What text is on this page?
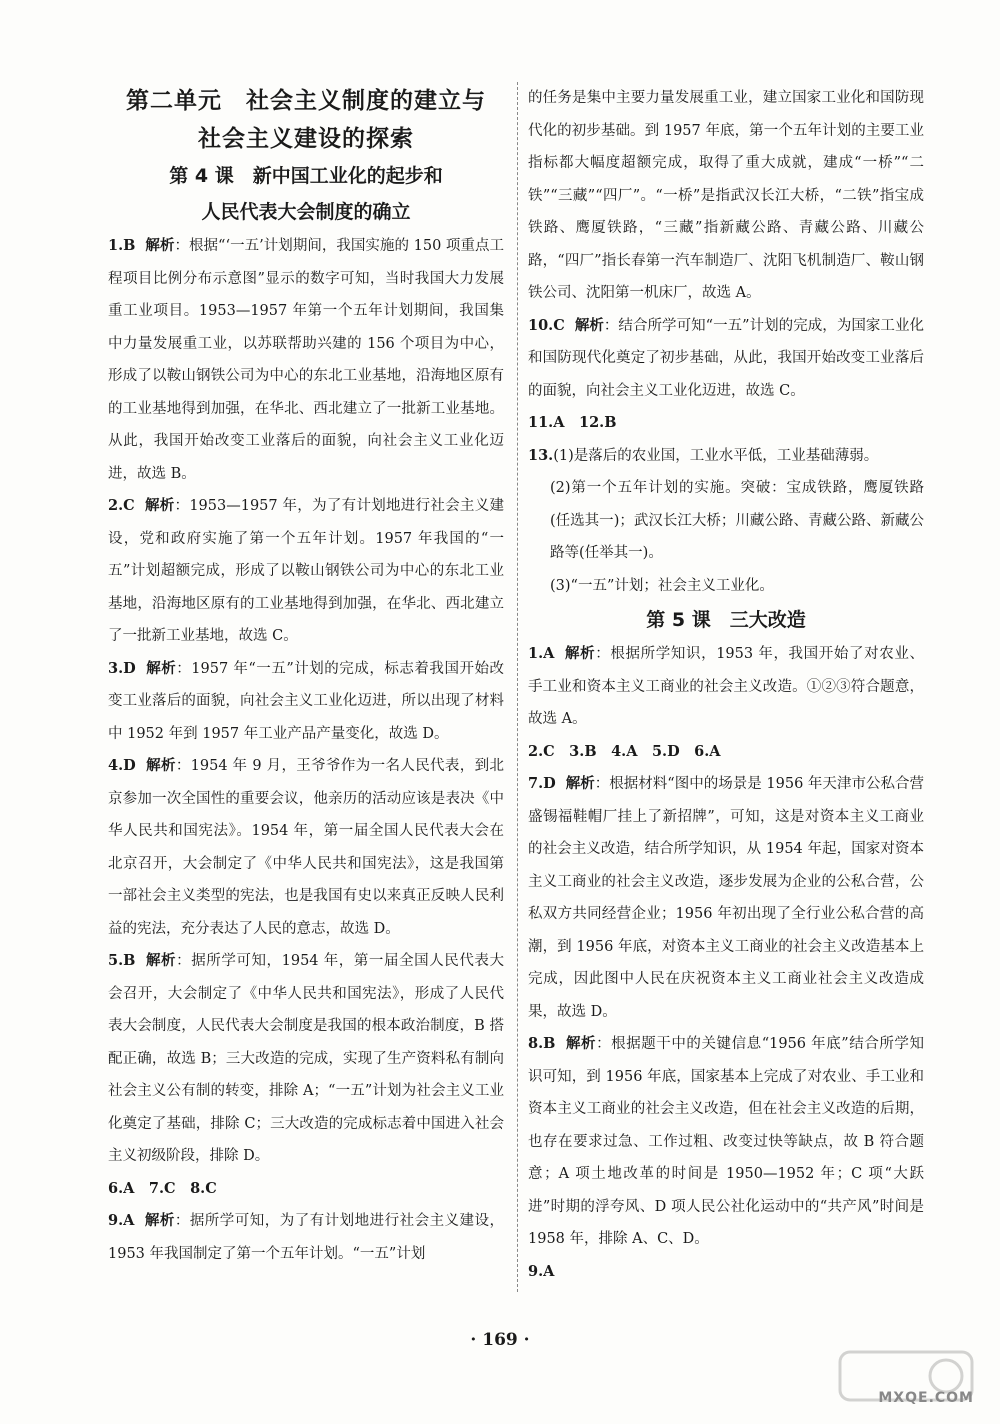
第二单元　社会主义制度的建立与
社会主义建设的探索
第 4 课　新中国工业化的起步和
人民代表大会制度的确立

1.B 解析：根据“‘一五’计划期间，我国实施的 150 项重点工程项目比例分布示意图”显示的数字可知，当时我国大力发展重工业项目。1953—1957 年第一个五年计划期间，我国集中力量发展重工业，以苏联帮助兴建的 156 个项目为中心，形成了以鞍山钢铁公司为中心的东北工业基地，沿海地区原有的工业基地得到加强，在华北、西北建立了一批新工业基地。从此，我国开始改变工业落后的面貌，向社会主义工业化迈进，故选 B。

2.C 解析：1953—1957 年，为了有计划地进行社会主义建设，党和政府实施了第一个五年计划。1957 年我国的“一五”计划超额完成，形成了以鞍山钢铁公司为中心的东北工业基地，沿海地区原有的工业基地得到加强，在华北、西北建立了一批新工业基地，故选 C。

3.D 解析：1957 年“一五”计划的完成，标志着我国开始改变工业落后的面貌，向社会主义工业化迈进，所以出现了材料中 1952 年到 1957 年工业产品产量变化，故选 D。

4.D 解析：1954 年 9 月，王爷爷作为一名人民代表，到北京参加一次全国性的重要会议，他亲历的活动应该是表决《中华人民共和国宪法》。1954 年，第一届全国人民代表大会在北京召开，大会制定了《中华人民共和国宪法》，这是我国第一部社会主义类型的宪法，也是我国有史以来真正反映人民利益的宪法，充分表达了人民的意志，故选 D。

5.B 解析：据所学可知，1954 年，第一届全国人民代表大会召开，大会制定了《中华人民共和国宪法》，形成了人民代表大会制度，人民代表大会制度是我国的根本政治制度，B 搭配正确，故选 B；三大改造的完成，实现了生产资料私有制向社会主义公有制的转变，排除 A；“一五”计划为社会主义工业化奠定了基础，排除 C；三大改造的完成标志着中国进入社会主义初级阶段，排除 D。

6.A　7.C　8.C

9.A 解析：据所学可知，为了有计划地进行社会主义建设，1953 年我国制定了第一个五年计划。“一五”计划

的任务是集中主要力量发展重工业，建立国家工业化和国防现代化的初步基础。到 1957 年底，第一个五年计划的主要工业指标都大幅度超额完成，取得了重大成就，建成“一桥”“二铁”“三藏”“四厂”。“一桥”是指武汉长江大桥，“二铁”指宝成铁路、鹰厦铁路，“三藏”指新藏公路、青藏公路、川藏公路，“四厂”指长春第一汽车制造厂、沈阳飞机制造厂、鞍山钢铁公司、沈阳第一机床厂，故选 A。

10.C 解析：结合所学可知“一五”计划的完成，为国家工业化和国防现代化奠定了初步基础，从此，我国开始改变工业落后的面貌，向社会主义工业化迈进，故选 C。

11.A　12.B

13.(1)是落后的农业国，工业水平低，工业基础薄弱。

(2)第一个五年计划的实施。突破：宝成铁路，鹰厦铁路(任选其一)；武汉长江大桥；川藏公路、青藏公路、新藏公路等(任举其一)。

(3)“一五”计划；社会主义工业化。

第 5 课　三大改造

1.A 解析：根据所学知识，1953 年，我国开始了对农业、手工业和资本主义工商业的社会主义改造。①②③符合题意，故选 A。

2.C　3.B　4.A　5.D　6.A

7.D 解析：根据材料“图中的场景是 1956 年天津市公私合营盛锡福鞋帽厂挂上了新招牌”，可知，这是对资本主义工商业的社会主义改造，结合所学知识，从 1954 年起，国家对资本主义工商业的社会主义改造，逐步发展为企业的公私合营，公私双方共同经营企业；1956 年初出现了全行业公私合营的高潮，到 1956 年底，对资本主义工商业的社会主义改造基本上完成，因此图中人民在庆祝资本主义工商业社会主义改造成果，故选 D。

8.B 解析：根据题干中的关键信息“1956 年底”结合所学知识可知，到 1956 年底，国家基本上完成了对农业、手工业和资本主义工商业的社会主义改造，但在社会主义改造的后期，也存在要求过急、工作过粗、改变过快等缺点，故 B 符合题意；A 项土地改革的时间是 1950—1952 年；C 项“大跃进”时期的浮夸风、D 项人民公社化运动中的“共产风”时间是 1958 年，排除 A、C、D。

9.A

· 169 ·
MXQE.COM
